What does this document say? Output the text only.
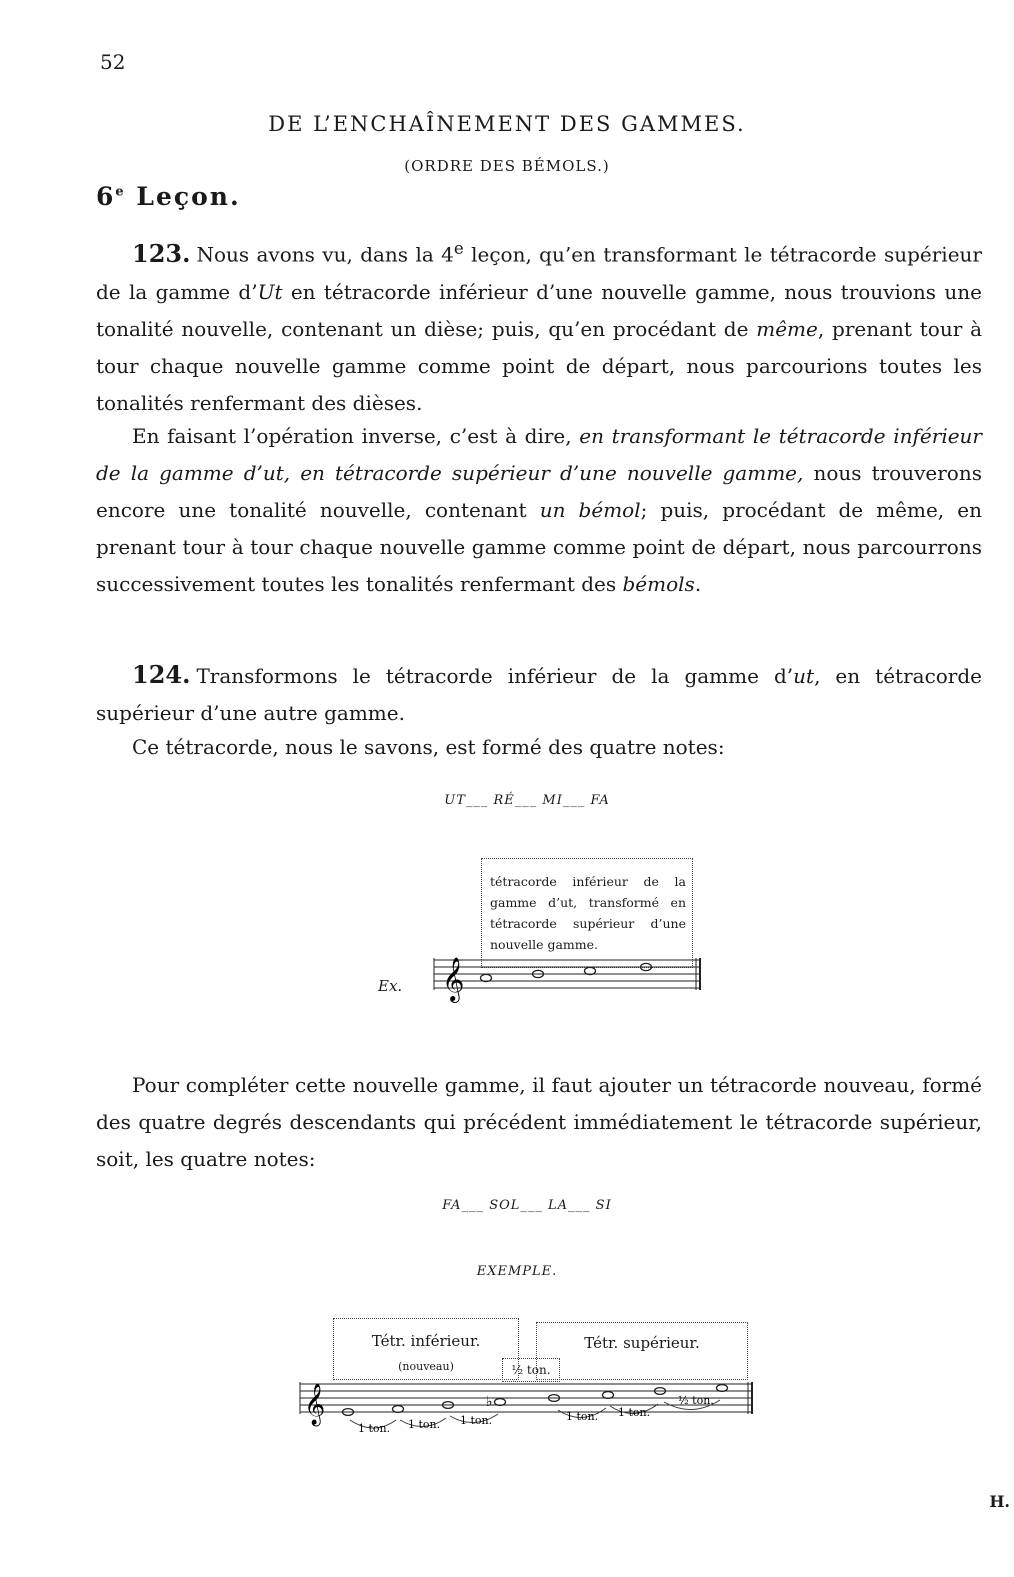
52
DE L’ENCHAÎNEMENT DES GAMMES.
(ORDRE DES BÉMOLS.)
6e Leçon.

123. Nous avons vu, dans la 4e leçon, qu’en transformant le tétracorde supérieur de la gamme d’Ut en tétracorde inférieur d’une nouvelle gamme, nous trouvions une tonalité nouvelle, contenant un dièse; puis, qu’en procédant de même, prenant tour à tour chaque nouvelle gamme comme point de départ, nous parcourions toutes les tonalités renfermant des dièses.

En faisant l’opération inverse, c’est à dire, en transformant le tétracorde inférieur de la gamme d’ut, en tétracorde supérieur d’une nouvelle gamme, nous trouverons encore une tonalité nouvelle, contenant un bémol; puis, procédant de même, en prenant tour à tour chaque nouvelle gamme comme point de départ, nous parcourrons successivement toutes les tonalités renfermant des bémols.

124. Transformons le tétracorde inférieur de la gamme d’ut, en tétracorde supérieur d’une autre gamme.

Ce tétracorde, nous le savons, est formé des quatre notes:

UT___ RÉ___ MI___ FA
tétracorde inférieur de la gamme d’ut, transformé en tétracorde supérieur d’une nouvelle gamme.
Ex. 𝄞

Pour compléter cette nouvelle gamme, il faut ajouter un tétracorde nouveau, formé des quatre degrés descendants qui précédent immédiatement le tétracorde supérieur, soit, les quatre notes:

FA___ SOL___ LA___ SI
EXEMPLE.
Tétr. inférieur.
(nouveau)
Tétr. supérieur.
½ ton.
𝄞	♭
1 ton. 1 ton. 1 ton.	1 ton. 1 ton.
½ ton.
H.
